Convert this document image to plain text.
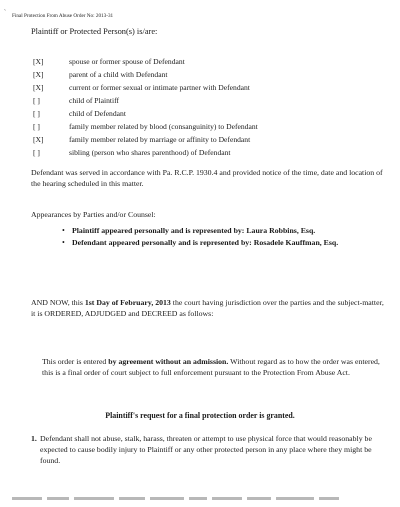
` Final Protection From Abuse Order No: 2013-31
Plaintiff or Protected Person(s) is/are:
[X]	spouse or former spouse of Defendant
[X]	parent of a child with Defendant
[X]	current or former sexual or intimate partner with Defendant
[ ]	child of Plaintiff
[ ]	child of Defendant
[ ]	family member related by blood (consanguinity) to Defendant
[X]	family member related by marriage or affinity to Defendant
[ ]	sibling (person who shares parenthood) of Defendant
Defendant was served in accordance with Pa. R.C.P. 1930.4 and provided notice of the time, date and location of the hearing scheduled in this matter.
Appearances by Parties and/or Counsel:
• Plaintiff appeared personally and is represented by: Laura Robbins, Esq.
• Defendant appeared personally and is represented by: Rosadele Kauffman, Esq.
AND NOW, this 1st Day of February, 2013 the court having jurisdiction over the parties and the subject-matter, it is ORDERED, ADJUDGED and DECREED as follows:
This order is entered by agreement without an admission. Without regard as to how the order was entered, this is a final order of court subject to full enforcement pursuant to the Protection From Abuse Act.
Plaintiff's request for a final protection order is granted.
1. Defendant shall not abuse, stalk, harass, threaten or attempt to use physical force that would reasonably be expected to cause bodily injury to Plaintiff or any other protected person in any place where they might be found.
